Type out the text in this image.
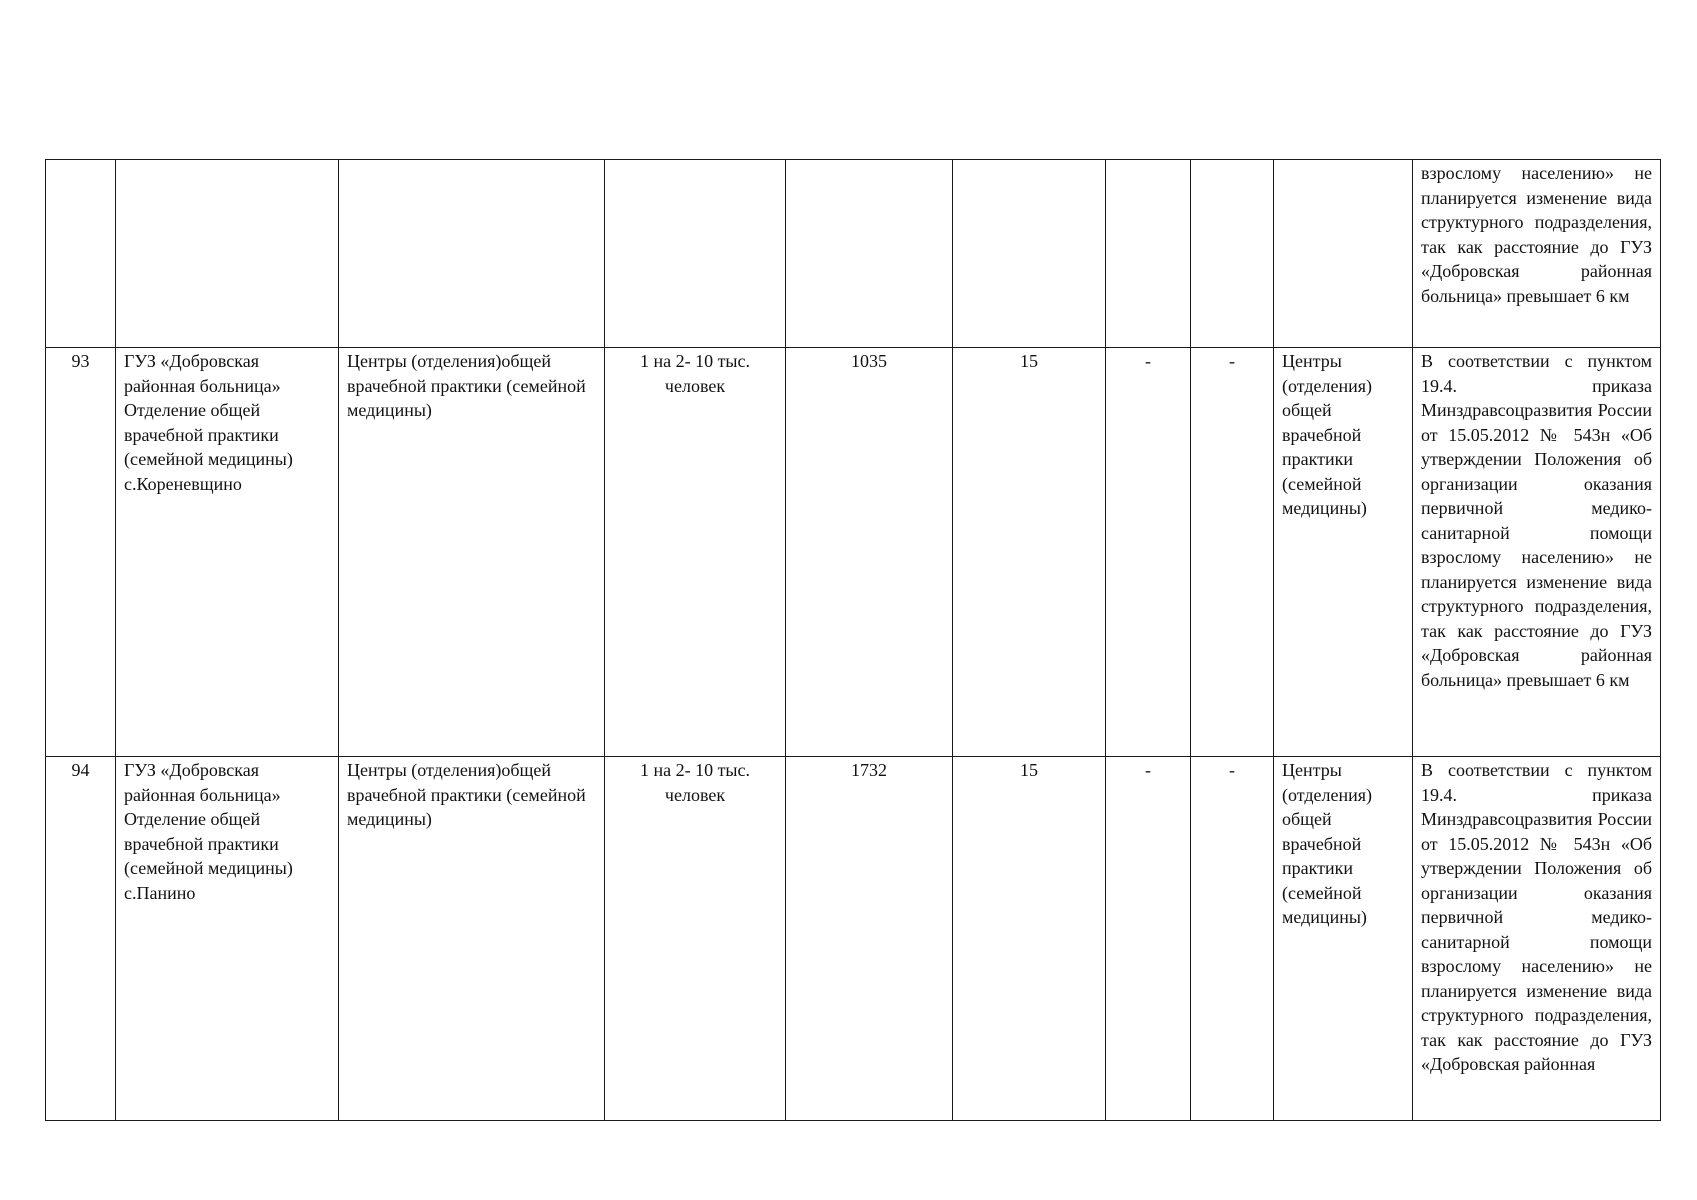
									взрослому населению» не планируется изменение вида структурного подразделения, так как расстояние до ГУЗ «Добровская районная больница» превышает 6 км

93	ГУЗ «Добровская районная больница» Отделение общей врачебной практики (семейной медицины) с.Кореневщино	Центры (отделения)общей врачебной практики (семейной медицины)	1 на 2- 10 тыс. человек	1035	15	-	-	Центры (отделения) общей врачебной практики (семейной медицины)	В соответствии с пунктом 19.4. приказа Минздравсоцразвития России от 15.05.2012 № 543н «Об утверждении Положения об организации оказания первичной медико-санитарной помощи взрослому населению» не планируется изменение вида структурного подразделения, так как расстояние до ГУЗ «Добровская районная больница» превышает 6 км

94	ГУЗ «Добровская районная больница» Отделение общей врачебной практики (семейной медицины) с.Панино	Центры (отделения)общей врачебной практики (семейной медицины)	1 на 2- 10 тыс. человек	1732	15	-	-	Центры (отделения) общей врачебной практики (семейной медицины)	В соответствии с пунктом 19.4. приказа Минздравсоцразвития России от 15.05.2012 № 543н «Об утверждении Положения об организации оказания первичной медико-санитарной помощи взрослому населению» не планируется изменение вида структурного подразделения, так как расстояние до ГУЗ «Добровская районная
